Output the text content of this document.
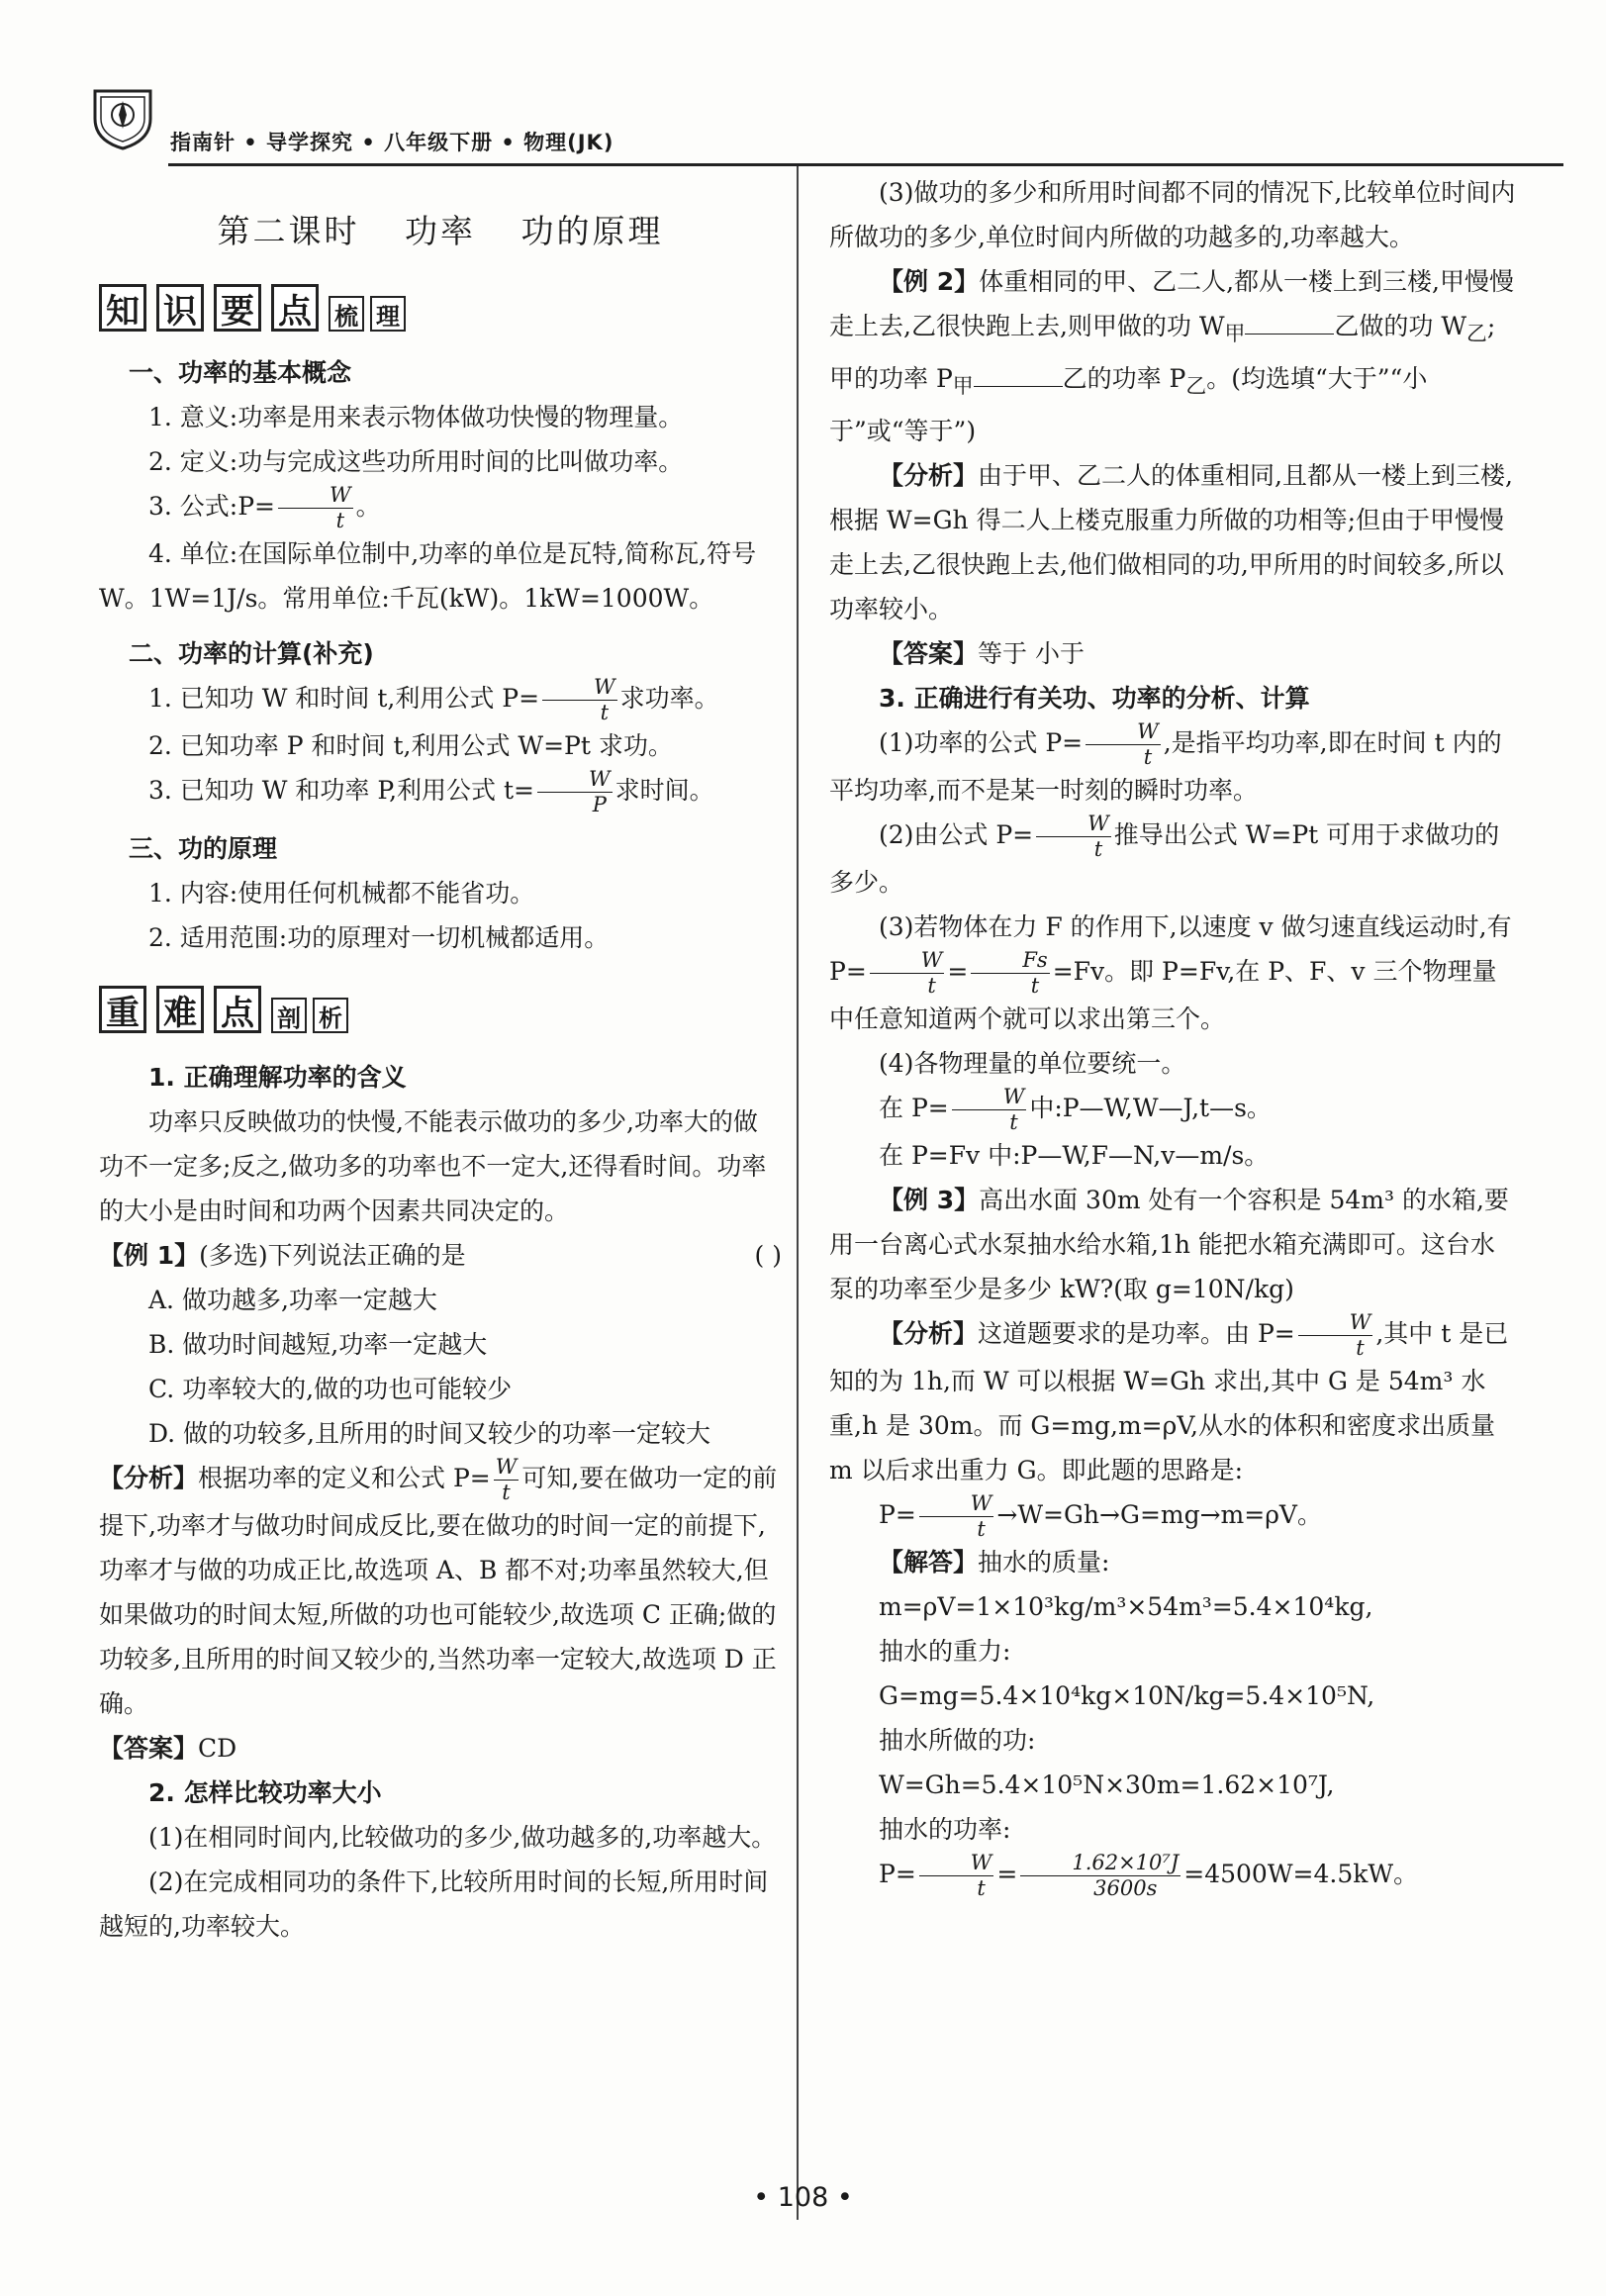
指南针 • 导学探究 • 八年级下册 • 物理(JK)
第二课时 功率 功的原理
知 识 要 点 梳 理
一、功率的基本概念

1. 意义:功率是用来表示物体做功快慢的物理量。

2. 定义:功与完成这些功所用时间的比叫做功率。

3. 公式:P= $\frac{W}{t}$ 。

4. 单位:在国际单位制中,功率的单位是瓦特,简称瓦,符号 W。1W=1J/s。常用单位:千瓦(kW)。1kW=1000W。

二、功率的计算(补充)

1. 已知功 W 和时间 t,利用公式 $P= \frac{W}{t}$ 求功率。

2. 已知功率 P 和时间 t,利用公式 W=Pt 求功。

3. 已知功 W 和功率 P,利用公式 $t= \frac{W}{P}$ 求时间。

三、功的原理

1. 内容:使用任何机械都不能省功。

2. 适用范围:功的原理对一切机械都适用。

重 难 点 剖 析

1. 正确理解功率的含义

功率只反映做功的快慢,不能表示做功的多少,功率大的做功不一定多;反之,做功多的功率也不一定大,还得看时间。功率的大小是由时间和功两个因素共同决定的。

【例 1】(多选)下列说法正确的是	( )

A. 做功越多,功率一定越大

B. 做功时间越短,功率一定越大

C. 功率较大的,做的功也可能较少

D. 做的功较多,且所用的时间又较少的功率一定较大

【分析】根据功率的定义和公式 $P= \frac{W}{t}$ 可知,要在做功一定的前提下,功率才与做功时间成反比,要在做功的时间一定的前提下,功率才与做的功成正比,故选项 A、B 都不对;功率虽然较大,但如果做功的时间太短,所做的功也可能较少,故选项 C 正确;做的功较多,且所用的时间又较少的,当然功率一定较大,故选项 D 正确。

【答案】CD

2. 怎样比较功率大小

(1)在相同时间内,比较做功的多少,做功越多的,功率越大。

(2)在完成相同功的条件下,比较所用时间的长短,所用时间越短的,功率较大。

(3)做功的多少和所用时间都不同的情况下,比较单位时间内所做功的多少,单位时间内所做的功越多的,功率越大。

【例 2】体重相同的甲、乙二人,都从一楼上到三楼,甲慢慢走上去,乙很快跑上去,则甲做的功 $W_甲$	乙做的功 $W_乙$;甲的功率 $P_甲$	乙的功率 $P_乙$。(均选填“大于”“小于”或“等于”)

【分析】由于甲、乙二人的体重相同,且都从一楼上到三楼,根据 W=Gh 得二人上楼克服重力所做的功相等;但由于甲慢慢走上去,乙很快跑上去,他们做相同的功,甲所用的时间较多,所以功率较小。

【答案】等于 小于

3. 正确进行有关功、功率的分析、计算

(1)功率的公式 $P= \frac{W}{t}$ ,是指平均功率,即在时间 t 内的平均功率,而不是某一时刻的瞬时功率。

(2)由公式 $P= \frac{W}{t}$ 推导出公式 W=Pt 可用于求做功的多少。

(3)若物体在力 F 的作用下,以速度 v 做匀速直线运动时,有 $P= \frac{W}{t} = \frac{Fs}{t} =Fv$。即 P=Fv,在 P、F、v 三个物理量中任意知道两个就可以求出第三个。

(4)各物理量的单位要统一。

在 $P= \frac{W}{t}$ 中:P—W,W—J,t—s。

在 P=Fv 中:P—W,F—N,v—m/s。

【例 3】高出水面 30m 处有一个容积是 54m³ 的水箱,要用一台离心式水泵抽水给水箱,1h 能把水箱充满即可。这台水泵的功率至少是多少 kW?(取 g=10N/kg)

【分析】这道题要求的是功率。由 $P= \frac{W}{t}$ ,其中 t 是已知的为 1h,而 W 可以根据 W=Gh 求出,其中 G 是 54m³ 水重,h 是 30m。而 G=mg,m=ρV,从水的体积和密度求出质量 m 以后求出重力 G。即此题的思路是:

$P= \frac{W}{t} \to W=Gh\to G=mg\to m=\rho V$。

【解答】抽水的质量:

m=ρV=1×10³kg/m³×54m³=5.4×10⁴kg,

抽水的重力:

G=mg=5.4×10⁴kg×10N/kg=5.4×10⁵N,

抽水所做的功:

W=Gh=5.4×10⁵N×30m=1.62×10⁷J,

抽水的功率:

$P= \frac{W}{t} = \frac{\text{1.62×10⁷J}}{3600s} =4500W=4.5kW$。

• 108 •
